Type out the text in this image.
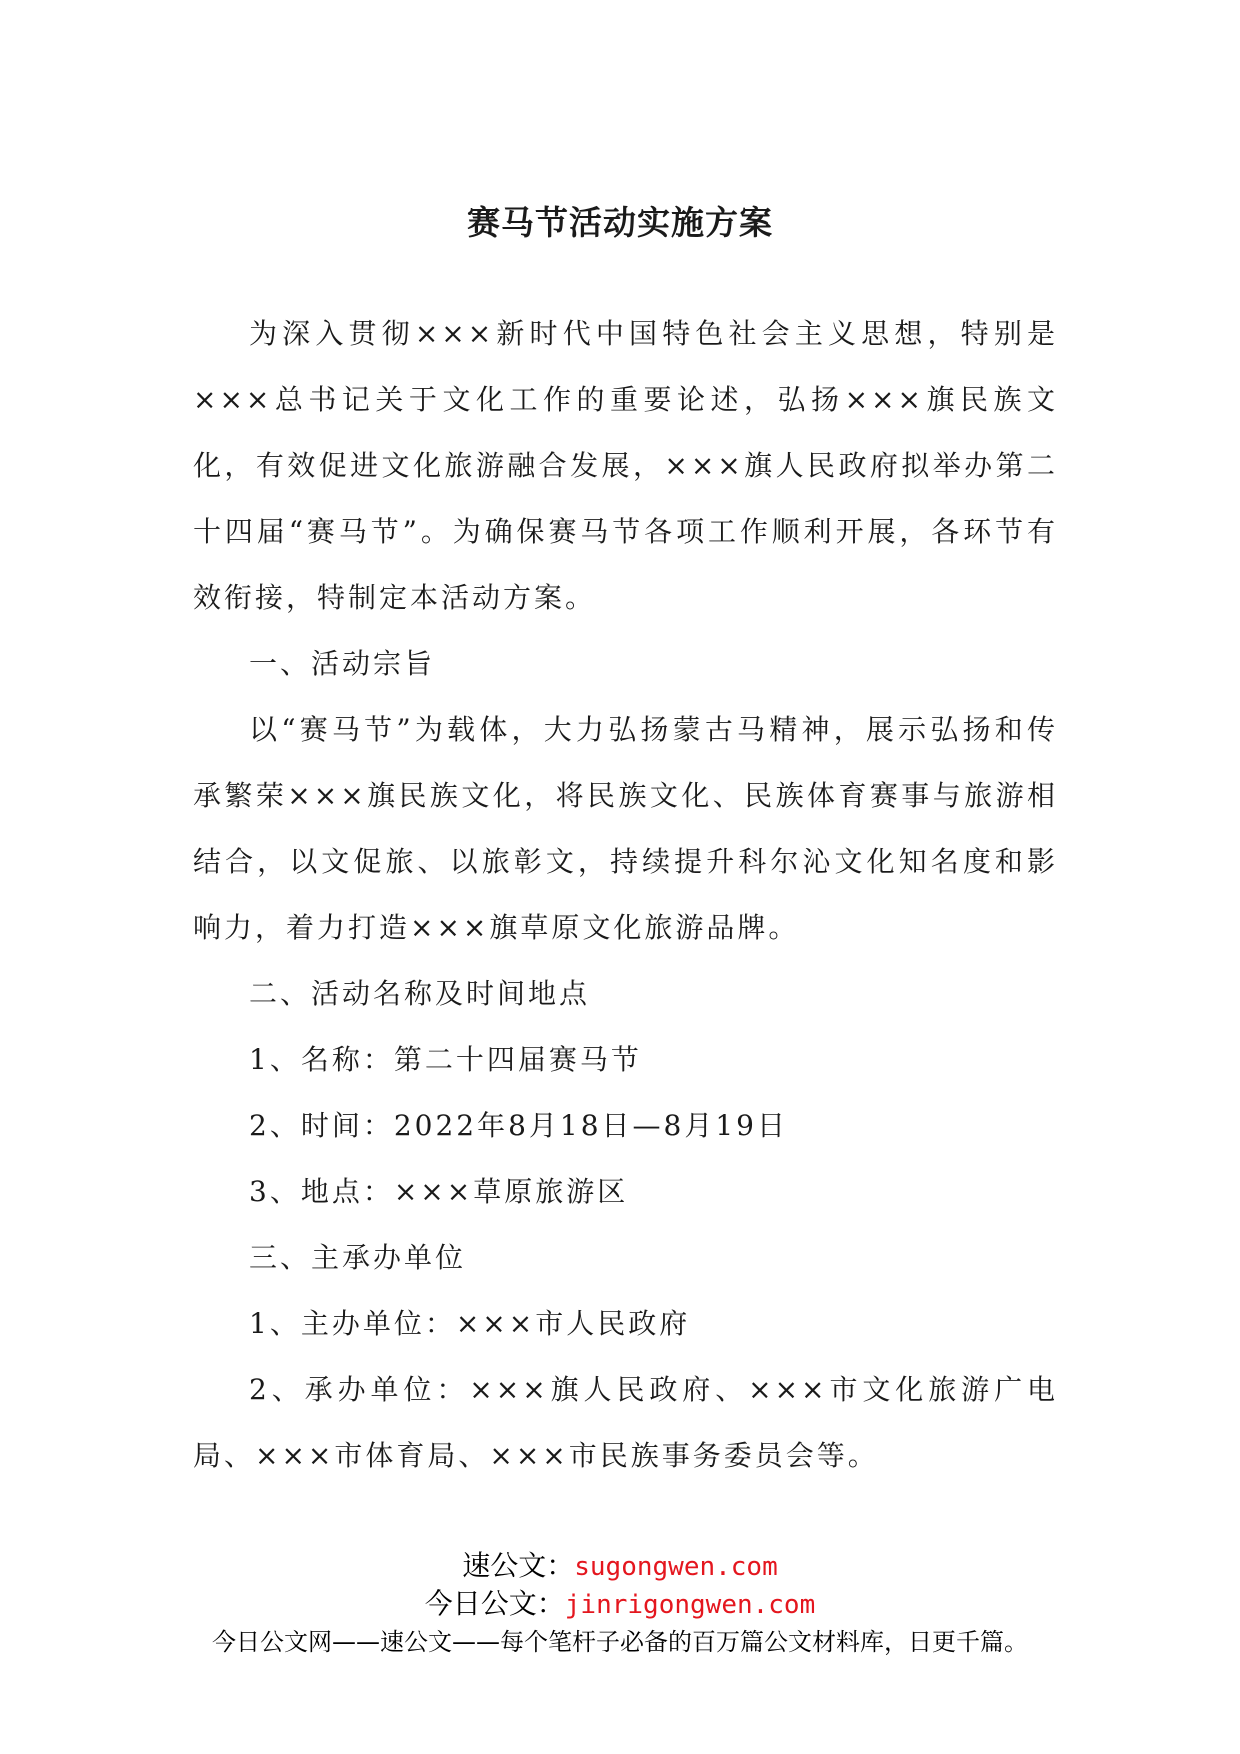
赛马节活动实施方案

为深入贯彻×××新时代中国特色社会主义思想，特别是×××总书记关于文化工作的重要论述，弘扬×××旗民族文化，有效促进文化旅游融合发展，×××旗人民政府拟举办第二十四届“赛马节”。为确保赛马节各项工作顺利开展，各环节有效衔接，特制定本活动方案。

一、活动宗旨

以“赛马节”为载体，大力弘扬蒙古马精神，展示弘扬和传承繁荣×××旗民族文化，将民族文化、民族体育赛事与旅游相结合，以文促旅、以旅彰文，持续提升科尔沁文化知名度和影响力，着力打造×××旗草原文化旅游品牌。

二、活动名称及时间地点

1、名称：第二十四届赛马节

2、时间：2022年8月18日—8月19日

3、地点：×××草原旅游区

三、主承办单位

1、主办单位：×××市人民政府

2、承办单位：×××旗人民政府、×××市文化旅游广电局、×××市体育局、×××市民族事务委员会等。

速公文：sugongwen.com
今日公文：jinrigongwen.com
今日公文网——速公文——每个笔杆子必备的百万篇公文材料库，日更千篇。
